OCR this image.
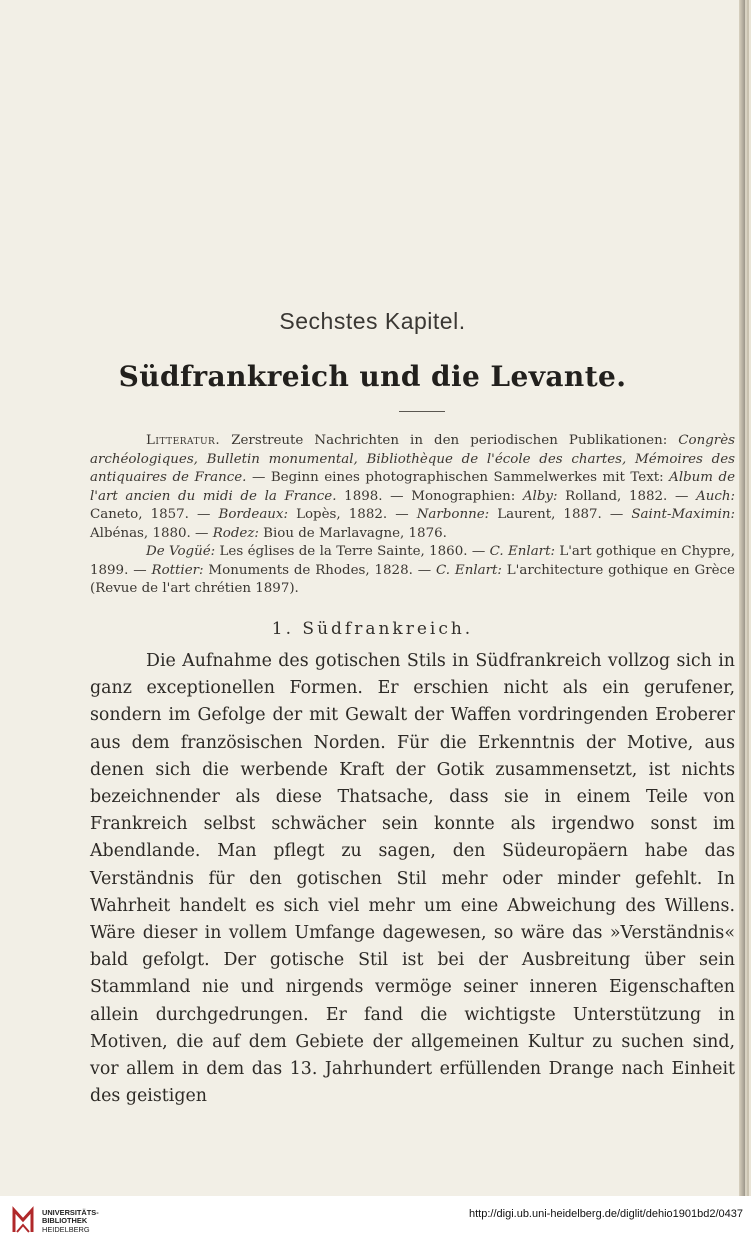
Sechstes Kapitel.
Südfrankreich und die Levante.

Litteratur. Zerstreute Nachrichten in den periodischen Publikationen: Congrès archéologiques, Bulletin monumental, Bibliothèque de l'école des chartes, Mémoires des antiquaires de France. — Beginn eines photographischen Sammelwerkes mit Text: Album de l'art ancien du midi de la France. 1898. — Monographien: Alby: Rolland, 1882. — Auch: Caneto, 1857. — Bordeaux: Lopès, 1882. — Narbonne: Laurent, 1887. — Saint-Maximin: Albénas, 1880. — Rodez: Biou de Marlavagne, 1876.

De Vogüé: Les églises de la Terre Sainte, 1860. — C. Enlart: L'art gothique en Chypre, 1899. — Rottier: Monuments de Rhodes, 1828. — C. Enlart: L'architecture gothique en Grèce (Revue de l'art chrétien 1897).

1. Südfrankreich.

Die Aufnahme des gotischen Stils in Südfrankreich vollzog sich in ganz exceptionellen Formen. Er erschien nicht als ein gerufener, sondern im Gefolge der mit Gewalt der Waffen vordringenden Eroberer aus dem französischen Norden. Für die Erkenntnis der Motive, aus denen sich die werbende Kraft der Gotik zusammensetzt, ist nichts bezeichnender als diese Thatsache, dass sie in einem Teile von Frankreich selbst schwächer sein konnte als irgendwo sonst im Abendlande. Man pflegt zu sagen, den Südeuropäern habe das Verständnis für den gotischen Stil mehr oder minder gefehlt. In Wahrheit handelt es sich viel mehr um eine Abweichung des Willens. Wäre dieser in vollem Umfange dagewesen, so wäre das »Verständnis« bald gefolgt. Der gotische Stil ist bei der Ausbreitung über sein Stammland nie und nirgends vermöge seiner inneren Eigenschaften allein durchgedrungen. Er fand die wichtigste Unterstützung in Motiven, die auf dem Gebiete der allgemeinen Kultur zu suchen sind, vor allem in dem das 13. Jahrhundert erfüllenden Drange nach Einheit des geistigen

UNIVERSITÄTS-
BIBLIOTHEK
HEIDELBERG
http://digi.ub.uni-heidelberg.de/diglit/dehio1901bd2/0437
